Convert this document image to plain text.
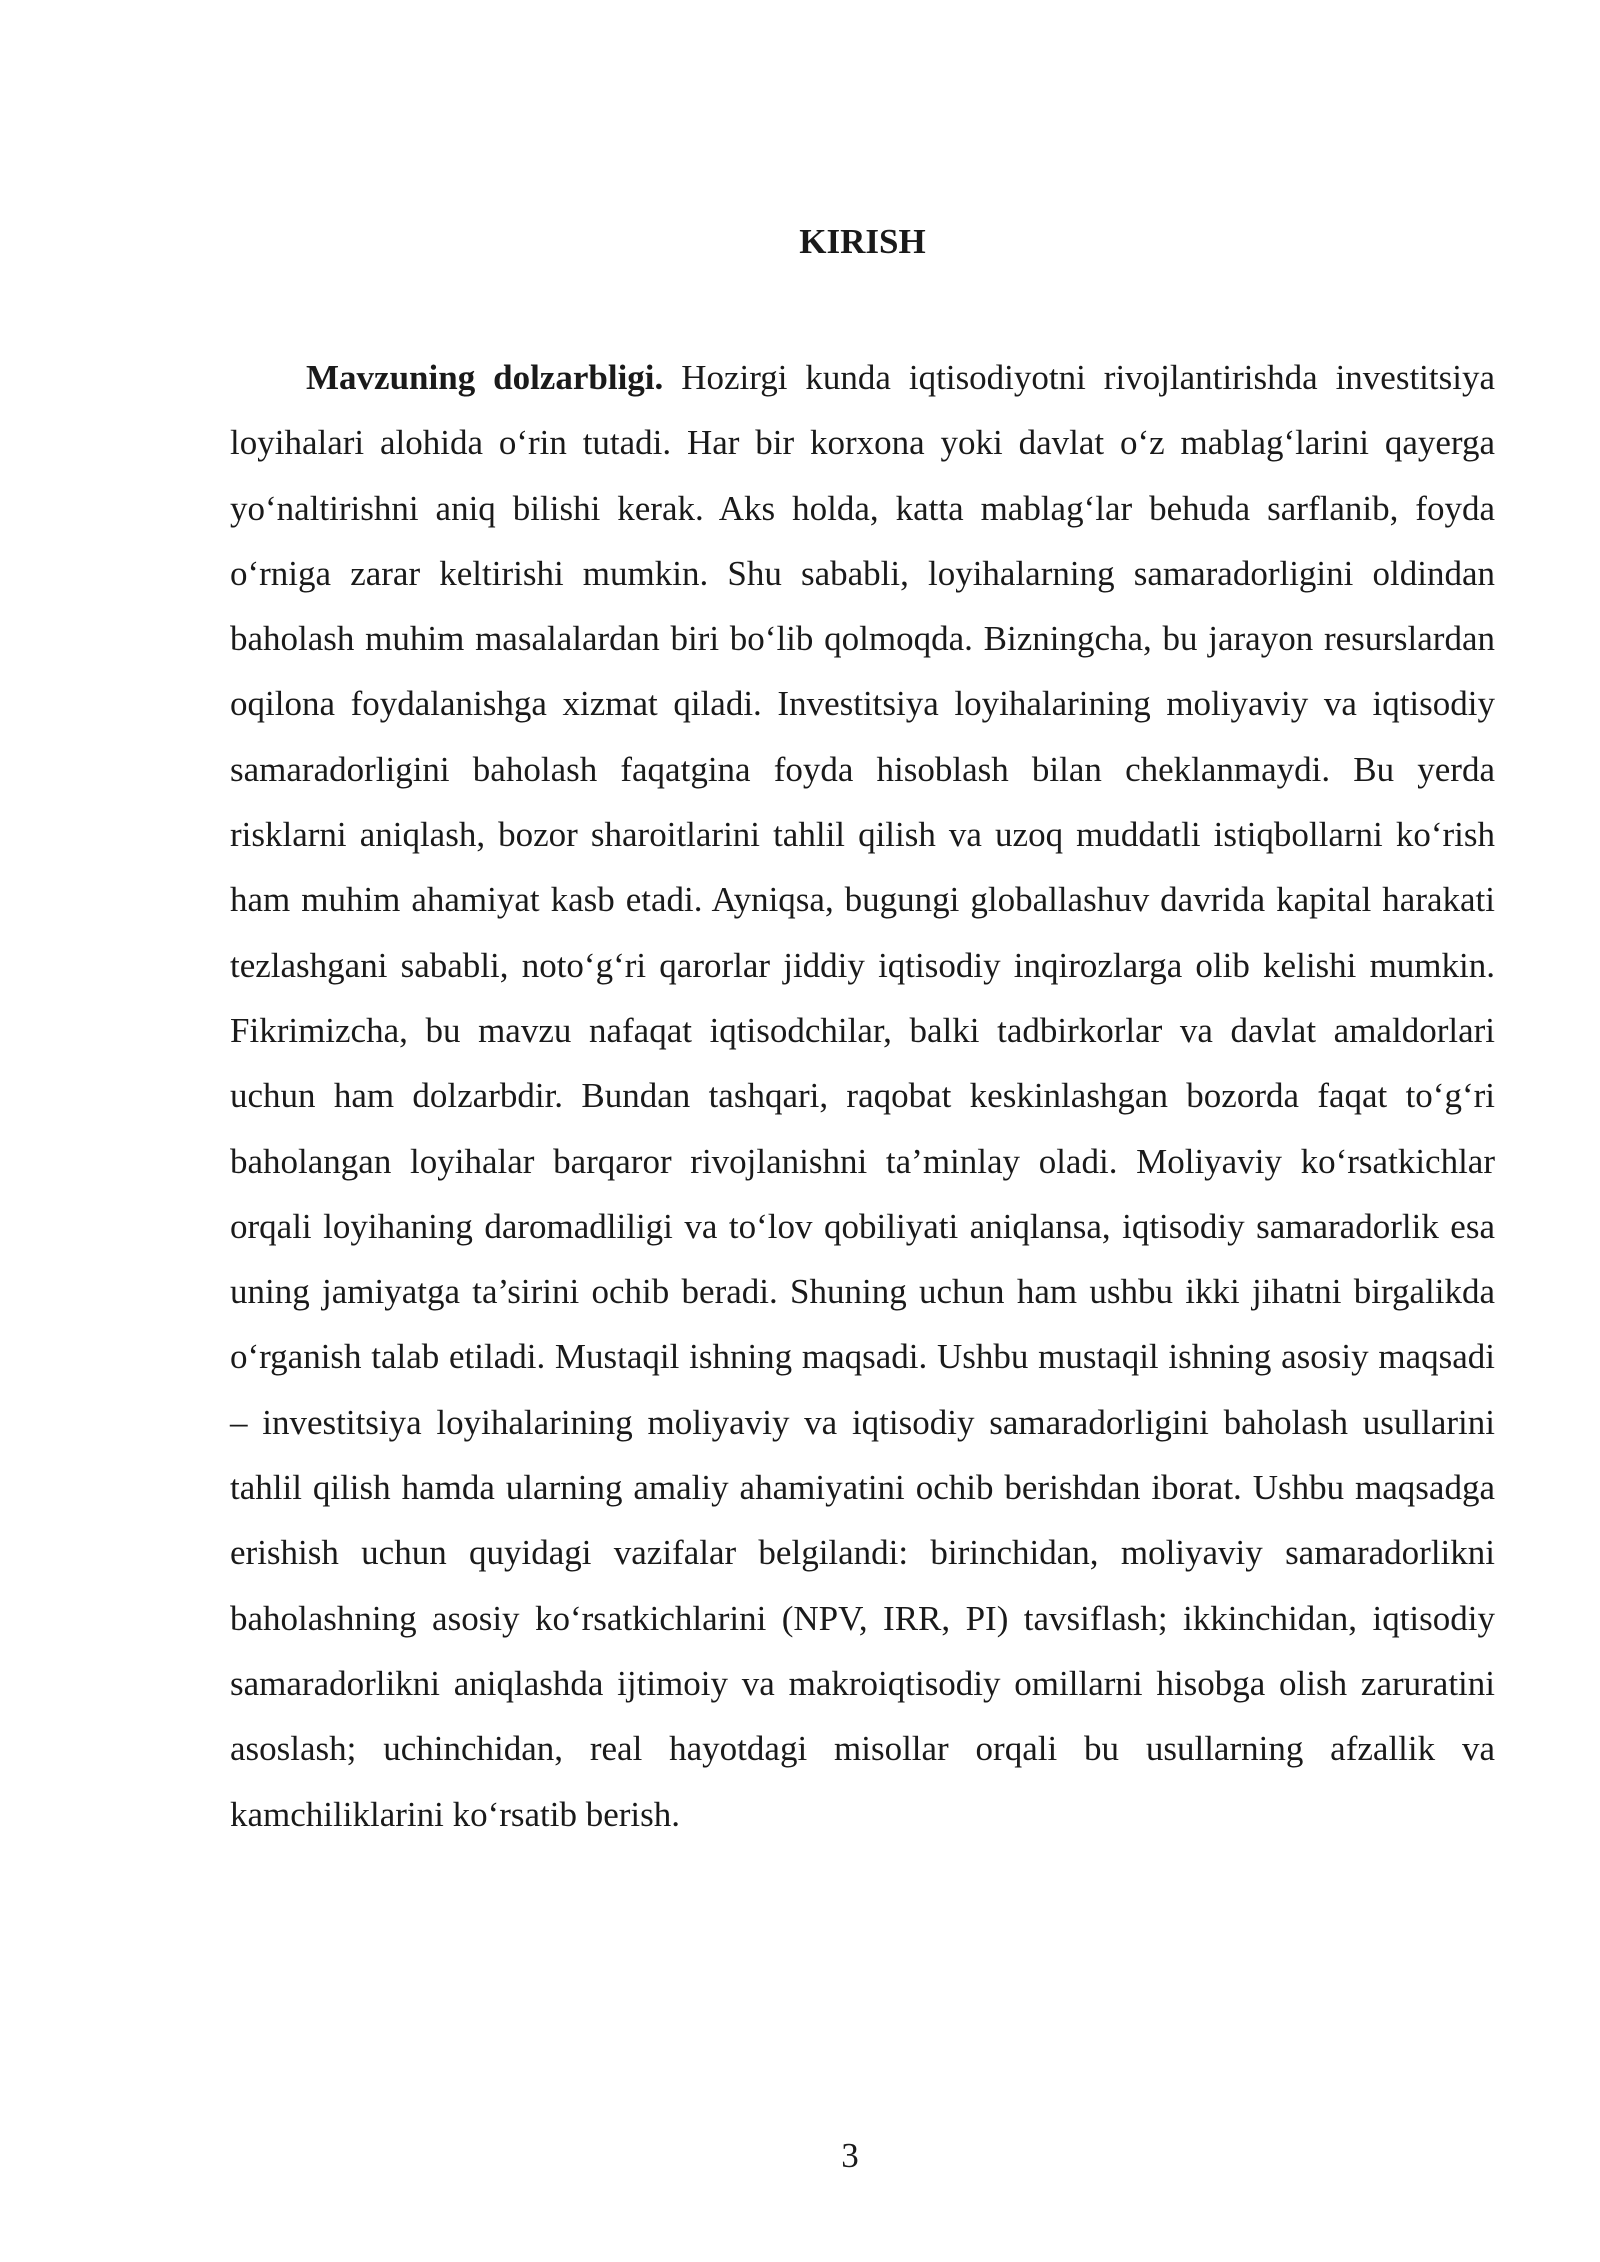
KIRISH

Mavzuning dolzarbligi. Hozirgi kunda iqtisodiyotni rivojlantirishda investitsiya loyihalari alohida o‘rin tutadi. Har bir korxona yoki davlat o‘z mablag‘larini qayerga yo‘naltirishni aniq bilishi kerak. Aks holda, katta mablag‘lar behuda sarflanib, foyda o‘rniga zarar keltirishi mumkin. Shu sababli, loyihalarning samaradorligini oldindan baholash muhim masalalardan biri bo‘lib qolmoqda. Bizningcha, bu jarayon resurslardan oqilona foydalanishga xizmat qiladi. Investitsiya loyihalarining moliyaviy va iqtisodiy samaradorligini baholash faqatgina foyda hisoblash bilan cheklanmaydi. Bu yerda risklarni aniqlash, bozor sharoitlarini tahlil qilish va uzoq muddatli istiqbollarni ko‘rish ham muhim ahamiyat kasb etadi. Ayniqsa, bugungi globallashuv davrida kapital harakati tezlashgani sababli, noto‘g‘ri qarorlar jiddiy iqtisodiy inqirozlarga olib kelishi mumkin. Fikrimizcha, bu mavzu nafaqat iqtisodchilar, balki tadbirkorlar va davlat amaldorlari uchun ham dolzarbdir. Bundan tashqari, raqobat keskinlashgan bozorda faqat to‘g‘ri baholangan loyihalar barqaror rivojlanishni ta’minlay oladi. Moliyaviy ko‘rsatkichlar orqali loyihaning daromadliligi va to‘lov qobiliyati aniqlansa, iqtisodiy samaradorlik esa uning jamiyatga ta’sirini ochib beradi. Shuning uchun ham ushbu ikki jihatni birgalikda o‘rganish talab etiladi. Mustaqil ishning maqsadi. Ushbu mustaqil ishning asosiy maqsadi – investitsiya loyihalarining moliyaviy va iqtisodiy samaradorligini baholash usullarini tahlil qilish hamda ularning amaliy ahamiyatini ochib berishdan iborat. Ushbu maqsadga erishish uchun quyidagi vazifalar belgilandi: birinchidan, moliyaviy samaradorlikni baholashning asosiy ko‘rsatkichlarini (NPV, IRR, PI) tavsiflash; ikkinchidan, iqtisodiy samaradorlikni aniqlashda ijtimoiy va makroiqtisodiy omillarni hisobga olish zaruratini asoslash; uchinchidan, real hayotdagi misollar orqali bu usullarning afzallik va kamchiliklarini ko‘rsatib berish.

3
